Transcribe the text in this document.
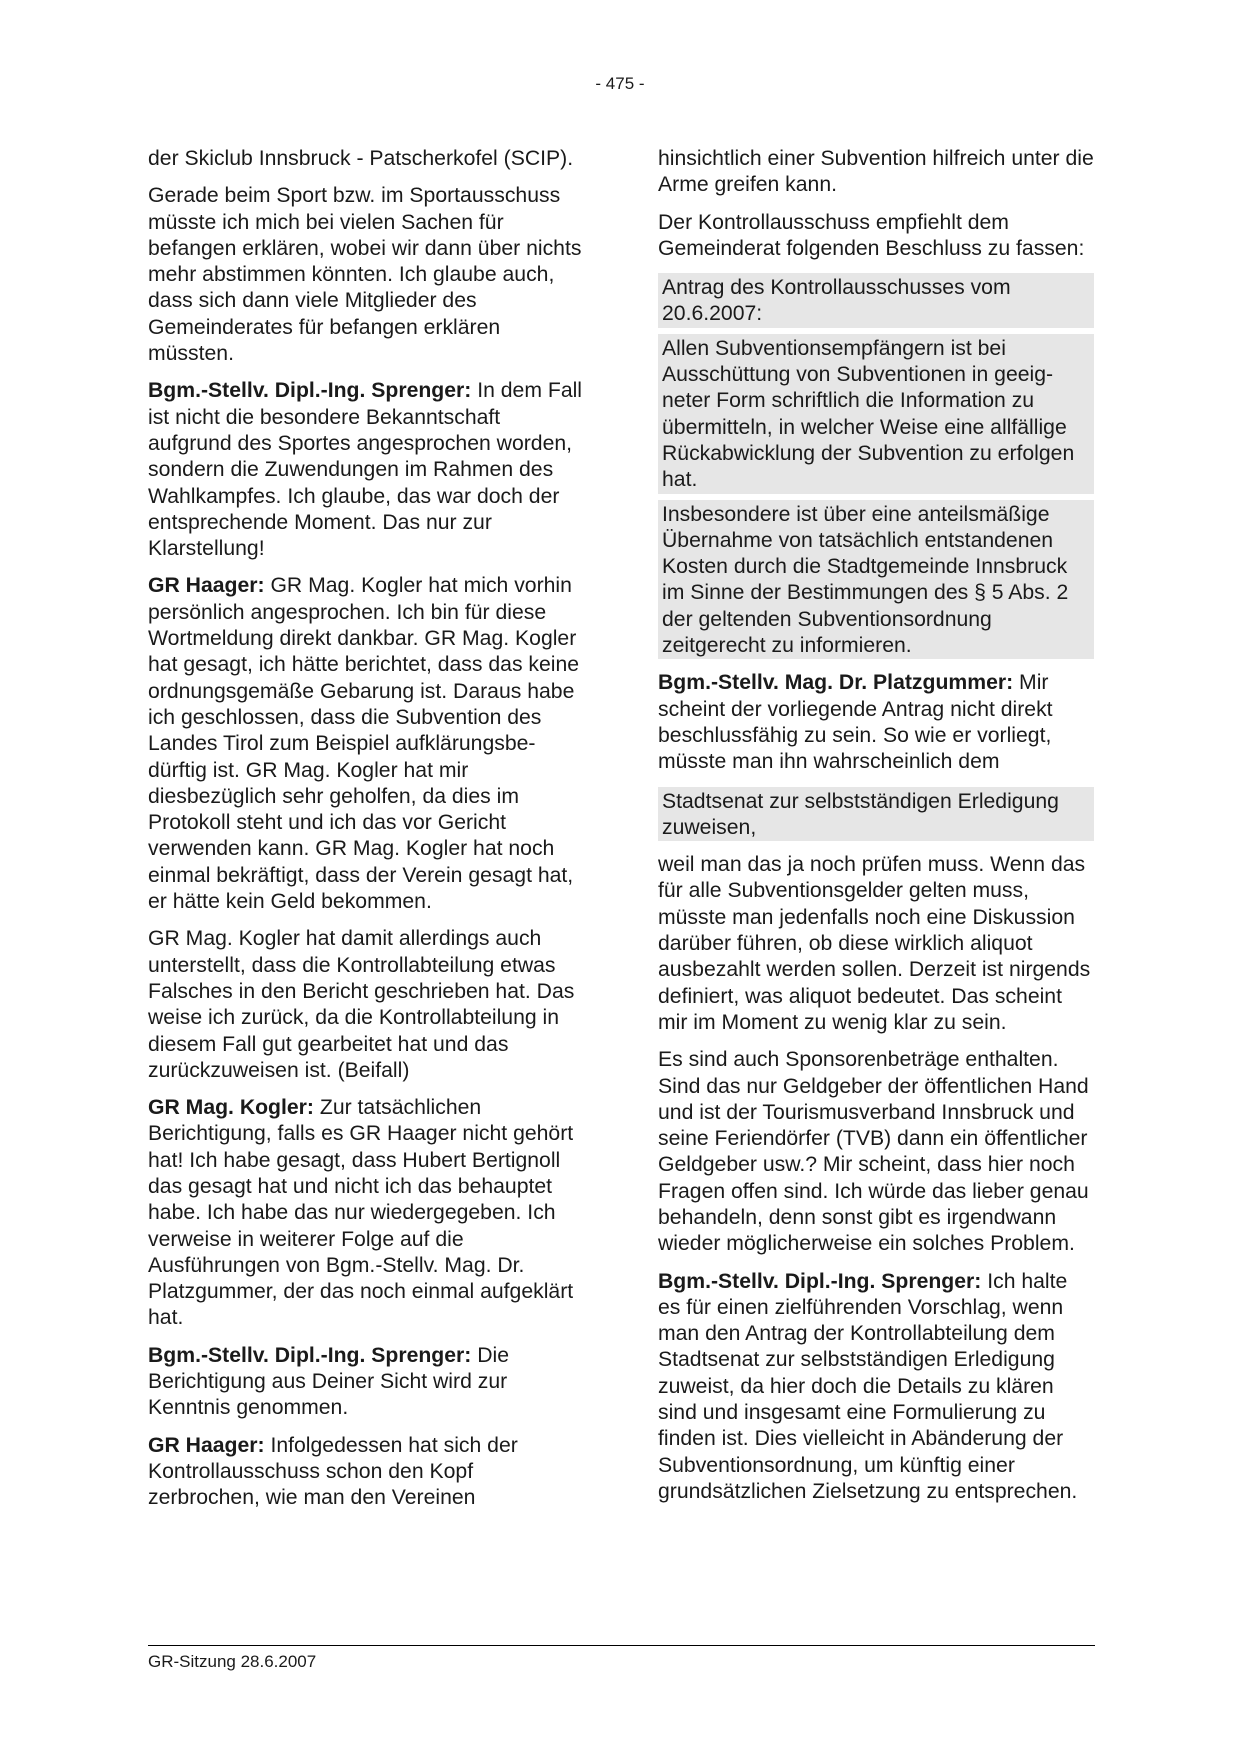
- 475 -

der Skiclub Innsbruck - Patscherkofel (SCIP).

Gerade beim Sport bzw. im Sportausschuss müsste ich mich bei vielen Sachen für befangen erklären, wobei wir dann über nichts mehr abstimmen könnten. Ich glaube auch, dass sich dann viele Mitglieder des Gemeinderates für befangen erklären müssten.

Bgm.-Stellv. Dipl.-Ing. Sprenger: In dem Fall ist nicht die besondere Bekanntschaft aufgrund des Sportes angesprochen worden, sondern die Zuwendungen im Rahmen des Wahlkampfes. Ich glaube, das war doch der entsprechende Moment. Das nur zur Klarstellung!

GR Haager: GR Mag. Kogler hat mich vorhin persönlich angesprochen. Ich bin für diese Wortmeldung direkt dankbar. GR Mag. Kogler hat gesagt, ich hätte berichtet, dass das keine ordnungsgemäße Gebarung ist. Daraus habe ich geschlossen, dass die Subvention des Landes Tirol zum Beispiel aufklärungsbedürftig ist. GR Mag. Kogler hat mir diesbezüglich sehr geholfen, da dies im Protokoll steht und ich das vor Gericht verwenden kann. GR Mag. Kogler hat noch einmal bekräftigt, dass der Verein gesagt hat, er hätte kein Geld bekommen.

GR Mag. Kogler hat damit allerdings auch unterstellt, dass die Kontrollabteilung etwas Falsches in den Bericht geschrieben hat. Das weise ich zurück, da die Kontrollabteilung in diesem Fall gut gearbeitet hat und das zurückzuweisen ist. (Beifall)

GR Mag. Kogler: Zur tatsächlichen Berichtigung, falls es GR Haager nicht gehört hat! Ich habe gesagt, dass Hubert Bertignoll das gesagt hat und nicht ich das behauptet habe. Ich habe das nur wiedergegeben. Ich verweise in weiterer Folge auf die Ausführungen von Bgm.-Stellv. Mag. Dr. Platzgummer, der das noch einmal aufgeklärt hat.

Bgm.-Stellv. Dipl.-Ing. Sprenger: Die Berichtigung aus Deiner Sicht wird zur Kenntnis genommen.

GR Haager: Infolgedessen hat sich der Kontrollausschuss schon den Kopf zerbrochen, wie man den Vereinen

hinsichtlich einer Subvention hilfreich unter die Arme greifen kann.

Der Kontrollausschuss empfiehlt dem Gemeinderat folgenden Beschluss zu fassen:

Antrag des Kontrollausschusses vom 20.6.2007:

Allen Subventionsempfängern ist bei Ausschüttung von Subventionen in geeigneter Form schriftlich die Information zu übermitteln, in welcher Weise eine allfällige Rückabwicklung der Subvention zu erfolgen hat.

Insbesondere ist über eine anteilsmäßige Übernahme von tatsächlich entstandenen Kosten durch die Stadtgemeinde Innsbruck im Sinne der Bestimmungen des § 5 Abs. 2 der geltenden Subventionsordnung zeitgerecht zu informieren.

Bgm.-Stellv. Mag. Dr. Platzgummer: Mir scheint der vorliegende Antrag nicht direkt beschlussfähig zu sein. So wie er vorliegt, müsste man ihn wahrscheinlich dem

Stadtsenat zur selbstständigen Erledigung zuweisen,

weil man das ja noch prüfen muss. Wenn das für alle Subventionsgelder gelten muss, müsste man jedenfalls noch eine Diskussion darüber führen, ob diese wirklich aliquot ausbezahlt werden sollen. Derzeit ist nirgends definiert, was aliquot bedeutet. Das scheint mir im Moment zu wenig klar zu sein.

Es sind auch Sponsorenbeträge enthalten. Sind das nur Geldgeber der öffentlichen Hand und ist der Tourismusverband Innsbruck und seine Feriendörfer (TVB) dann ein öffentlicher Geldgeber usw.? Mir scheint, dass hier noch Fragen offen sind. Ich würde das lieber genau behandeln, denn sonst gibt es irgendwann wieder möglicherweise ein solches Problem.

Bgm.-Stellv. Dipl.-Ing. Sprenger: Ich halte es für einen zielführenden Vorschlag, wenn man den Antrag der Kontrollabteilung dem Stadtsenat zur selbstständigen Erledigung zuweist, da hier doch die Details zu klären sind und insgesamt eine Formulierung zu finden ist. Dies vielleicht in Abänderung der Subventionsordnung, um künftig einer grundsätzlichen Zielsetzung zu entsprechen.

GR-Sitzung 28.6.2007
